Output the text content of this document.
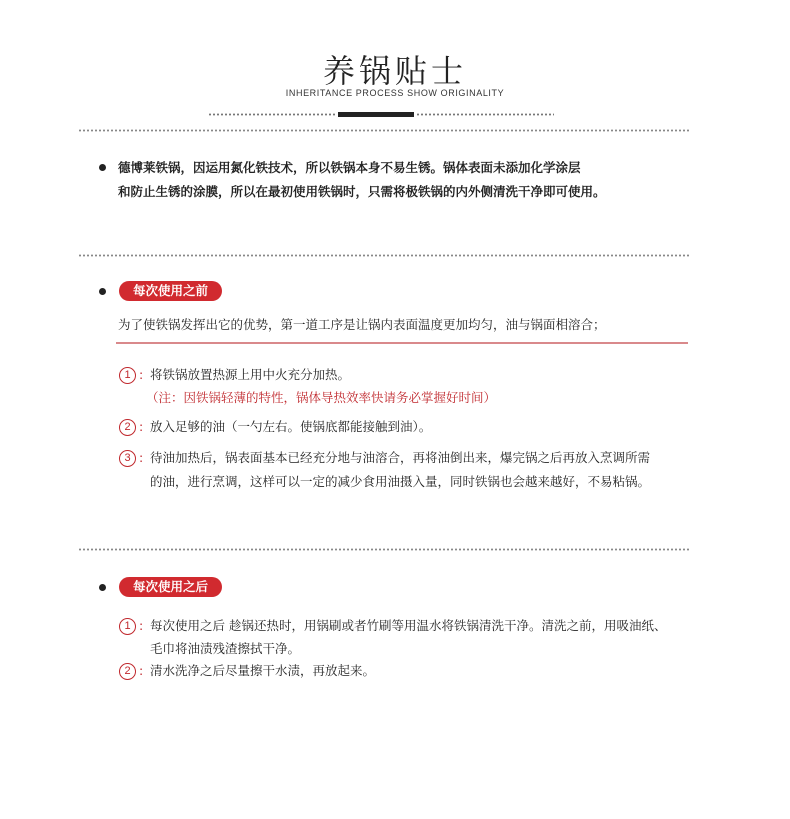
养锅贴士
INHERITANCE PROCESS SHOW ORIGINALITY
德博莱铁锅，因运用氮化铁技术，所以铁锅本身不易生锈。锅体表面未添加化学涂层
和防止生锈的涂膜，所以在最初使用铁锅时，只需将极铁锅的内外侧清洗干净即可使用。
每次使用之前
为了使铁锅发挥出它的优势，第一道工序是让锅内表面温度更加均匀，油与锅面相溶合；
1 : 将铁锅放置热源上用中火充分加热。
（注：因铁锅轻薄的特性，锅体导热效率快请务必掌握好时间）
2 : 放入足够的油（一勺左右。使锅底都能接触到油）。
3 : 待油加热后，锅表面基本已经充分地与油溶合，再将油倒出来，爆完锅之后再放入烹调所需
的油，进行烹调，这样可以一定的减少食用油摄入量，同时铁锅也会越来越好，不易粘锅。
每次使用之后
1 : 每次使用之后 趁锅还热时，用锅刷或者竹刷等用温水将铁锅清洗干净。清洗之前，用吸油纸、
毛巾将油渍残渣擦拭干净。
2 : 清水洗净之后尽量擦干水渍，再放起来。
